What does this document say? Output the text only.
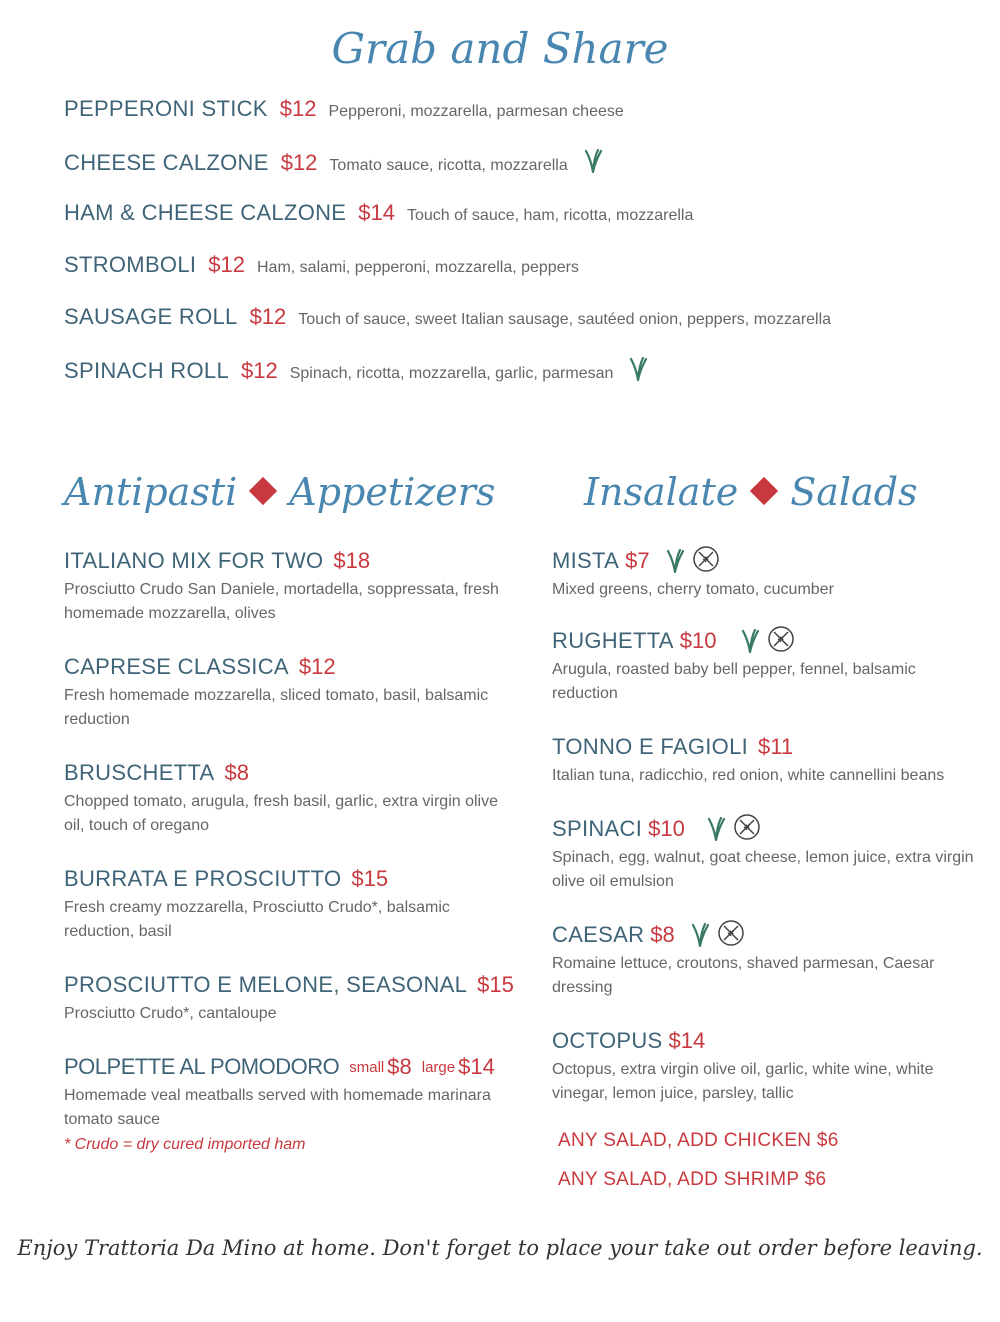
Grab and Share
PEPPERONI STICK $12 Pepperoni, mozzarella, parmesan cheese
CHEESE CALZONE $12 Tomato sauce, ricotta, mozzarella
HAM & CHEESE CALZONE $14 Touch of sauce, ham, ricotta, mozzarella
STROMBOLI $12 Ham, salami, pepperoni, mozzarella, peppers
SAUSAGE ROLL $12 Touch of sauce, sweet Italian sausage, sautéed onion, peppers, mozzarella
SPINACH ROLL $12 Spinach, ricotta, mozzarella, garlic, parmesan
Antipasti Appetizers Insalate Salads
ITALIANO MIX FOR TWO $18
Prosciutto Crudo San Daniele, mortadella, soppressata, fresh homemade mozzarella, olives
CAPRESE CLASSICA $12
Fresh homemade mozzarella, sliced tomato, basil, balsamic reduction
BRUSCHETTA $8
Chopped tomato, arugula, fresh basil, garlic, extra virgin olive oil, touch of oregano
BURRATA E PROSCIUTTO $15
Fresh creamy mozzarella, Prosciutto Crudo*, balsamic reduction, basil
PROSCIUTTO E MELONE, SEASONAL $15
Prosciutto Crudo*, cantaloupe
POLPETTE AL POMODORO small $8 large $14
Homemade veal meatballs served with homemade marinara tomato sauce
* Crudo = dry cured imported ham
MISTA $7
Mixed greens, cherry tomato, cucumber
RUGHETTA $10
Arugula, roasted baby bell pepper, fennel, balsamic reduction
TONNO E FAGIOLI $11
Italian tuna, radicchio, red onion, white cannellini beans
SPINACI $10
Spinach, egg, walnut, goat cheese, lemon juice, extra virgin olive oil emulsion
CAESAR $8
Romaine lettuce, croutons, shaved parmesan, Caesar dressing
OCTOPUS $14
Octopus, extra virgin olive oil, garlic, white wine, white vinegar, lemon juice, parsley, tallic
ANY SALAD, ADD CHICKEN $6
ANY SALAD, ADD SHRIMP $6
Enjoy Trattoria Da Mino at home. Don't forget to place your take out order before leaving.
